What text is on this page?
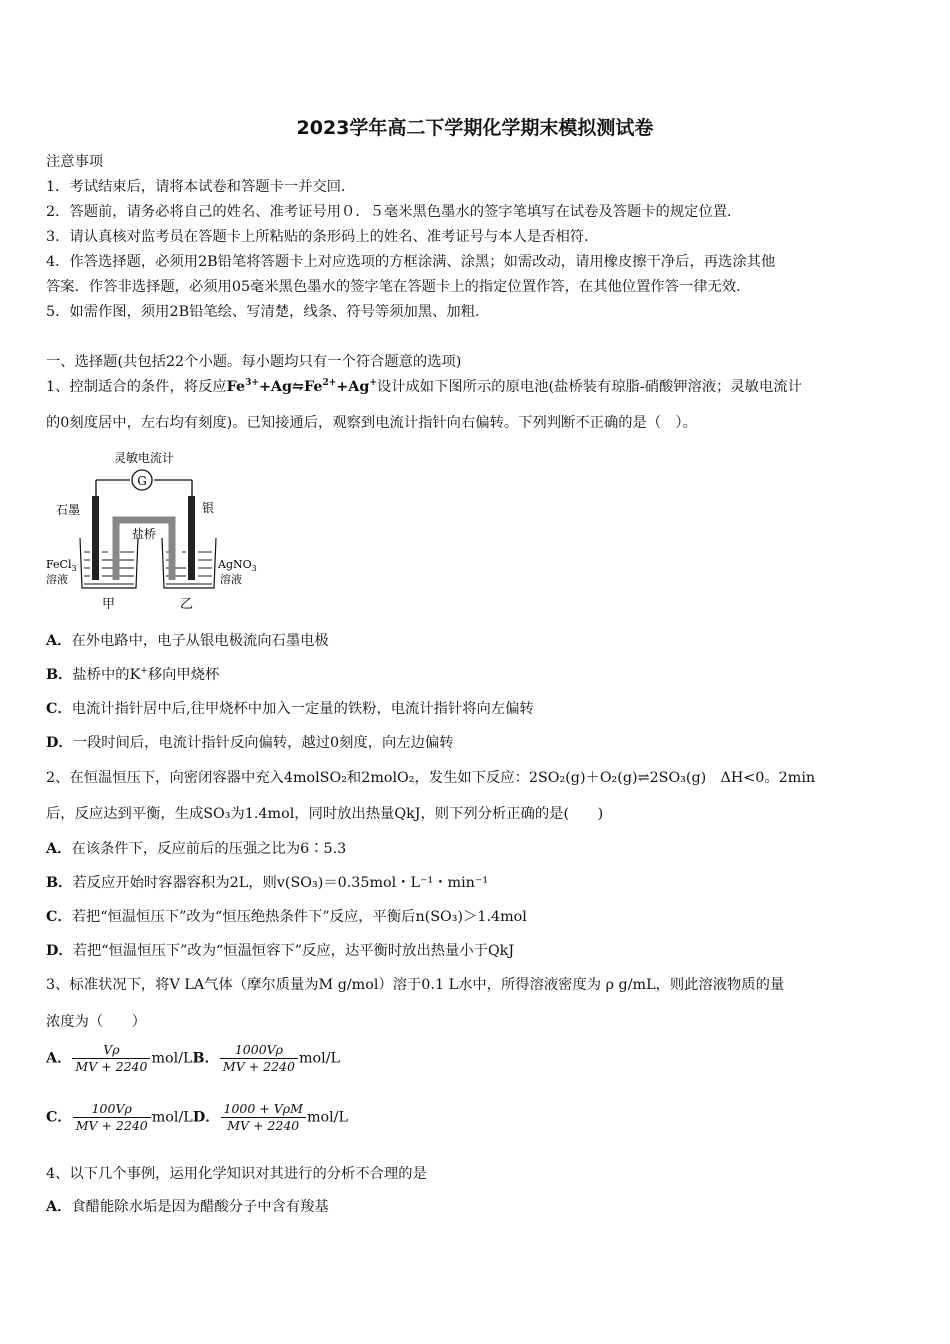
2023学年高二下学期化学期末模拟测试卷
注意事项
1．考试结束后，请将本试卷和答题卡一并交回．
2．答题前，请务必将自己的姓名、准考证号用０．５毫米黑色墨水的签字笔填写在试卷及答题卡的规定位置．
3．请认真核对监考员在答题卡上所粘贴的条形码上的姓名、准考证号与本人是否相符．
4．作答选择题，必须用2B铅笔将答题卡上对应选项的方框涂满、涂黑；如需改动，请用橡皮擦干净后，再选涂其他
答案．作答非选择题，必须用05毫米黑色墨水的签字笔在答题卡上的指定位置作答，在其他位置作答一律无效．
5．如需作图，须用2B铅笔绘、写清楚，线条、符号等须加黑、加粗．
一、选择题(共包括22个小题。每小题均只有一个符合题意的选项)
1、控制适合的条件，将反应$Fe^{3+}+Ag⇋Fe^{2+}+Ag^+$设计成如下图所示的原电池(盐桥装有琼脂-硝酸钾溶液；灵敏电流计
的0刻度居中，左右均有刻度)。已知接通后，观察到电流计指针向右偏转。下列判断不正确的是（　）。
灵敏电流计
G
石墨	银
盐桥
FeCl$_3$
溶液
AgNO$_3$
溶液
甲	乙
A．在外电路中，电子从银电极流向石墨电极
B．盐桥中的K+移向甲烧杯
C．电流计指针居中后,往甲烧杯中加入一定量的铁粉，电流计指针将向左偏转
D．一段时间后，电流计指针反向偏转，越过0刻度，向左边偏转
2、在恒温恒压下，向密闭容器中充入4molSO₂和2molO₂，发生如下反应：2SO₂(g)＋O₂(g)⇌2SO₃(g)　ΔH<0。2min
后，反应达到平衡，生成SO₃为1.4mol，同时放出热量QkJ，则下列分析正确的是(　　)
A．在该条件下，反应前后的压强之比为6∶5.3
B．若反应开始时容器容积为2L，则v(SO₃)＝0.35mol・L⁻¹・min⁻¹
C．若把“恒温恒压下”改为“恒压绝热条件下”反应，平衡后n(SO₃)＞1.4mol
D．若把“恒温恒压下”改为“恒温恒容下”反应，达平衡时放出热量小于QkJ
3、标准状况下，将V LA气体（摩尔质量为M g/mol）溶于0.1 L水中，所得溶液密度为 ρ g/mL，则此溶液物质的量
浓度为（　　）
A． $\frac{V\rho}{MV + 2240} mol/LB$． $\frac{1000V\rho}{MV + 2240} mol/L$
C． $\frac{100V\rho}{MV + 2240} mol/LD$． $\frac{\text{1000 + VρM}}{MV + 2240} mol/L$
4、以下几个事例，运用化学知识对其进行的分析不合理的是
A．食醋能除水垢是因为醋酸分子中含有羧基
